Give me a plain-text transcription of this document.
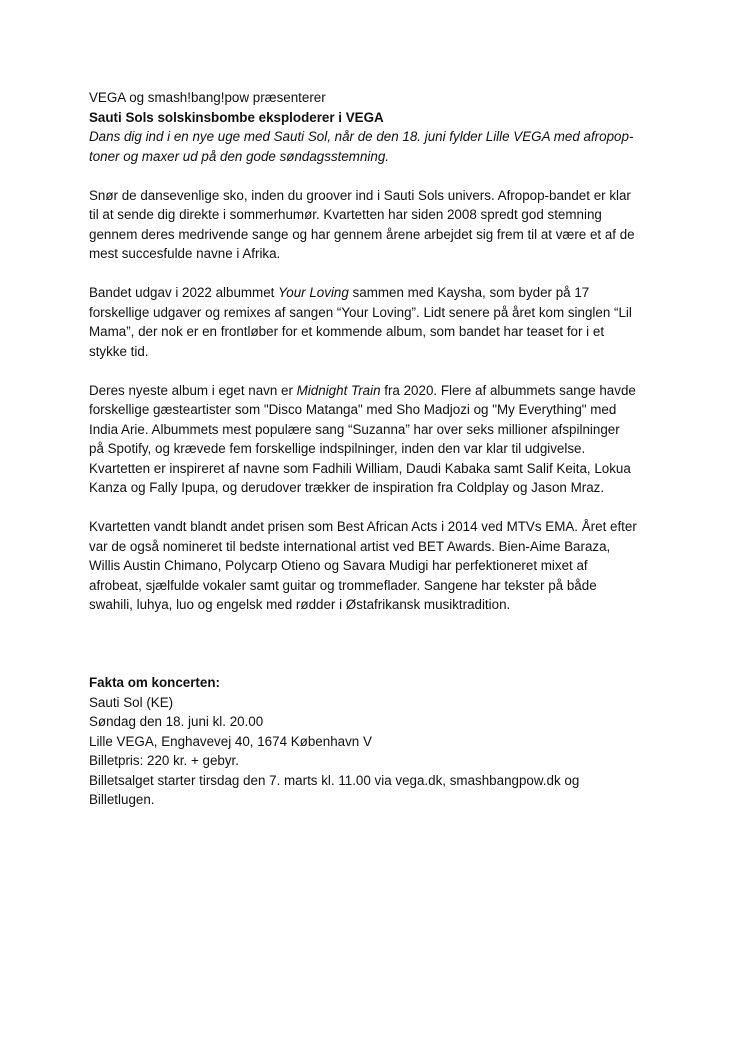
VEGA og smash!bang!pow præsenterer
Sauti Sols solskinsbombe eksploderer i VEGA
Dans dig ind i en nye uge med Sauti Sol, når de den 18. juni fylder Lille VEGA med afropop-
toner og maxer ud på den gode søndagsstemning.
Snør de dansevenlige sko, inden du groover ind i Sauti Sols univers. Afropop-bandet er klar
til at sende dig direkte i sommerhumør. Kvartetten har siden 2008 spredt god stemning
gennem deres medrivende sange og har gennem årene arbejdet sig frem til at være et af de
mest succesfulde navne i Afrika.
Bandet udgav i 2022 albummet Your Loving sammen med Kaysha, som byder på 17
forskellige udgaver og remixes af sangen “Your Loving”. Lidt senere på året kom singlen “Lil
Mama”, der nok er en frontløber for et kommende album, som bandet har teaset for i et
stykke tid.
Deres nyeste album i eget navn er Midnight Train fra 2020. Flere af albummets sange havde
forskellige gæsteartister som "Disco Matanga" med Sho Madjozi og "My Everything" med
India Arie. Albummets mest populære sang “Suzanna” har over seks millioner afspilninger
på Spotify, og krævede fem forskellige indspilninger, inden den var klar til udgivelse.
Kvartetten er inspireret af navne som Fadhili William, Daudi Kabaka samt Salif Keita, Lokua
Kanza og Fally Ipupa, og derudover trækker de inspiration fra Coldplay og Jason Mraz.
Kvartetten vandt blandt andet prisen som Best African Acts i 2014 ved MTVs EMA. Året efter
var de også nomineret til bedste international artist ved BET Awards. Bien-Aime Baraza,
Willis Austin Chimano, Polycarp Otieno og Savara Mudigi har perfektioneret mixet af
afrobeat, sjælfulde vokaler samt guitar og trommeflader. Sangene har tekster på både
swahili, luhya, luo og engelsk med rødder i Østafrikansk musiktradition.
Fakta om koncerten:
Sauti Sol (KE)
Søndag den 18. juni kl. 20.00
Lille VEGA, Enghavevej 40, 1674 København V
Billetpris: 220 kr. + gebyr.
Billetsalget starter tirsdag den 7. marts kl. 11.00 via vega.dk, smashbangpow.dk og
Billetlugen.
